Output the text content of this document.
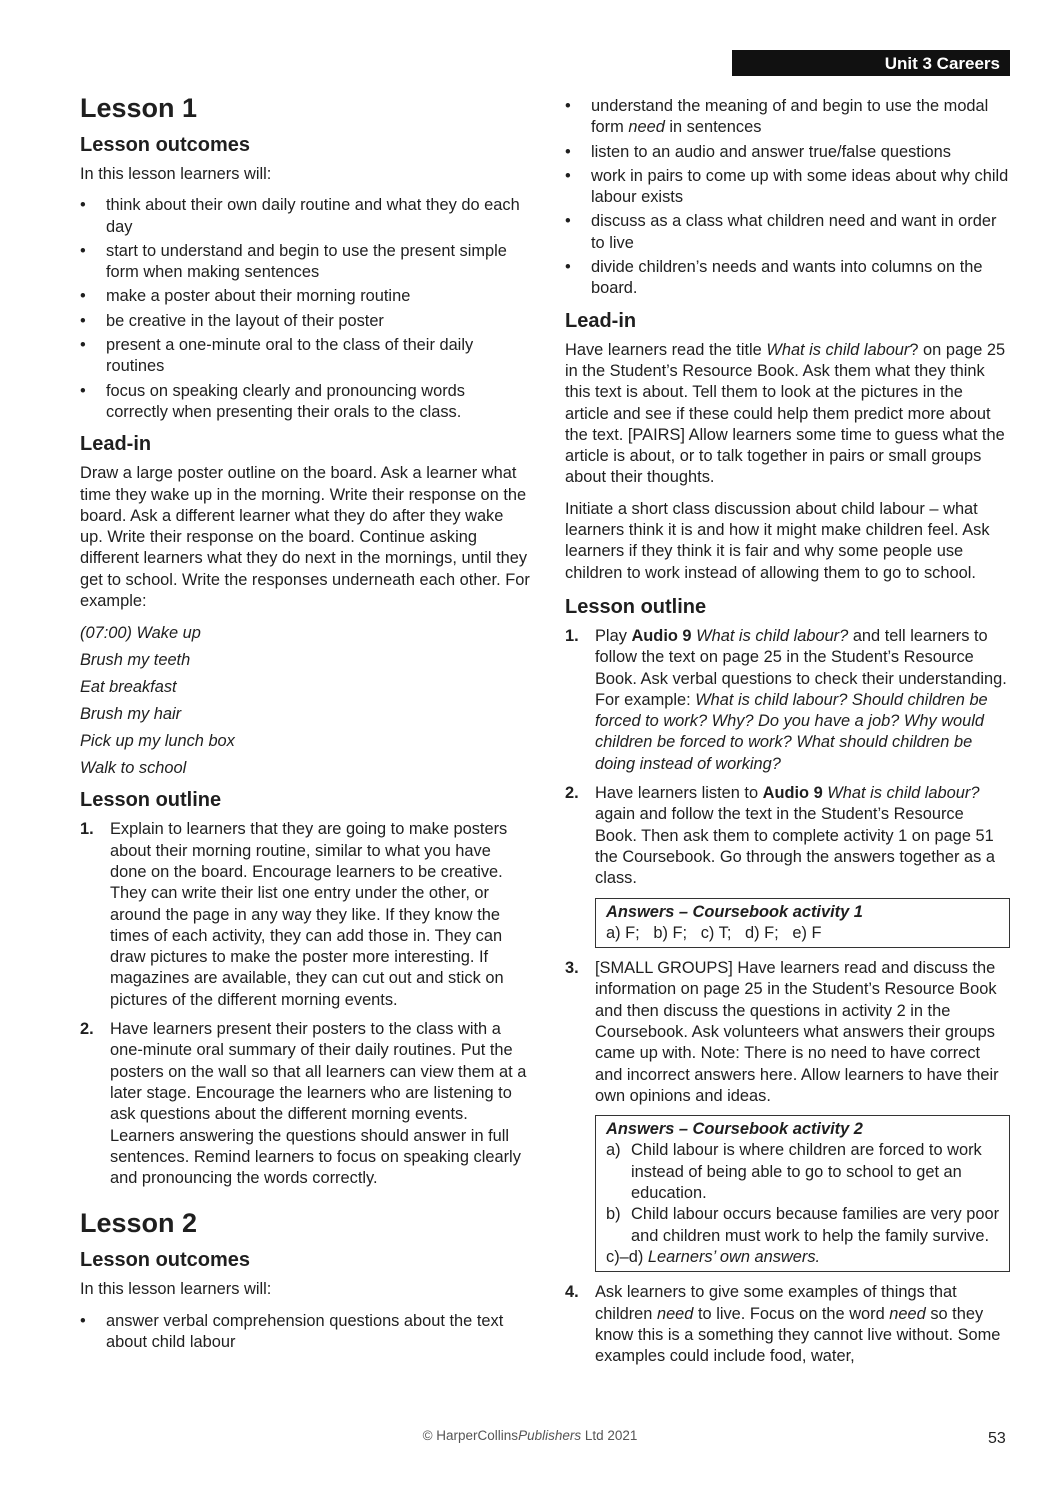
Unit 3 Careers
Lesson 1
Lesson outcomes
In this lesson learners will:
• think about their own daily routine and what they do each day
• start to understand and begin to use the present simple form when making sentences
• make a poster about their morning routine
• be creative in the layout of their poster
• present a one-minute oral to the class of their daily routines
• focus on speaking clearly and pronouncing words correctly when presenting their orals to the class.
Lead-in
Draw a large poster outline on the board. Ask a learner what time they wake up in the morning. Write their response on the board. Ask a different learner what they do after they wake up. Write their response on the board. Continue asking different learners what they do next in the mornings, until they get to school. Write the responses underneath each other. For example:
(07:00) Wake up
Brush my teeth
Eat breakfast
Brush my hair
Pick up my lunch box
Walk to school
Lesson outline
1. Explain to learners that they are going to make posters about their morning routine, similar to what you have done on the board. Encourage learners to be creative. They can write their list one entry under the other, or around the page in any way they like. If they know the times of each activity, they can add those in. They can draw pictures to make the poster more interesting. If magazines are available, they can cut out and stick on pictures of the different morning events.
2. Have learners present their posters to the class with a one-minute oral summary of their daily routines. Put the posters on the wall so that all learners can view them at a later stage. Encourage the learners who are listening to ask questions about the different morning events. Learners answering the questions should answer in full sentences. Remind learners to focus on speaking clearly and pronouncing the words correctly.
Lesson 2
Lesson outcomes
In this lesson learners will:
• answer verbal comprehension questions about the text about child labour
• understand the meaning of and begin to use the modal form need in sentences
• listen to an audio and answer true/false questions
• work in pairs to come up with some ideas about why child labour exists
• discuss as a class what children need and want in order to live
• divide children’s needs and wants into columns on the board.
Lead-in
Have learners read the title What is child labour? on page 25 in the Student’s Resource Book. Ask them what they think this text is about. Tell them to look at the pictures in the article and see if these could help them predict more about the text. [PAIRS] Allow learners some time to guess what the article is about, or to talk together in pairs or small groups about their thoughts.
Initiate a short class discussion about child labour – what learners think it is and how it might make children feel. Ask learners if they think it is fair and why some people use children to work instead of allowing them to go to school.
Lesson outline
1. Play Audio 9 What is child labour? and tell learners to follow the text on page 25 in the Student’s Resource Book. Ask verbal questions to check their understanding. For example: What is child labour? Should children be forced to work? Why? Do you have a job? Why would children be forced to work? What should children be doing instead of working?
2. Have learners listen to Audio 9 What is child labour? again and follow the text in the Student’s Resource Book. Then ask them to complete activity 1 on page 51 the Coursebook. Go through the answers together as a class.
Answers – Coursebook activity 1
a) F;   b) F;   c) T;   d) F;   e) F
3. [SMALL GROUPS] Have learners read and discuss the information on page 25 in the Student’s Resource Book and then discuss the questions in activity 2 in the Coursebook. Ask volunteers what answers their groups came up with. Note: There is no need to have correct and incorrect answers here. Allow learners to have their own opinions and ideas.
Answers – Coursebook activity 2
a) Child labour is where children are forced to work instead of being able to go to school to get an education.
b) Child labour occurs because families are very poor and children must work to help the family survive.
c)–d) Learners’ own answers.
4. Ask learners to give some examples of things that children need to live. Focus on the word need so they know this is a something they cannot live without. Some examples could include food, water,
© HarperCollinsPublishers Ltd 2021	53
